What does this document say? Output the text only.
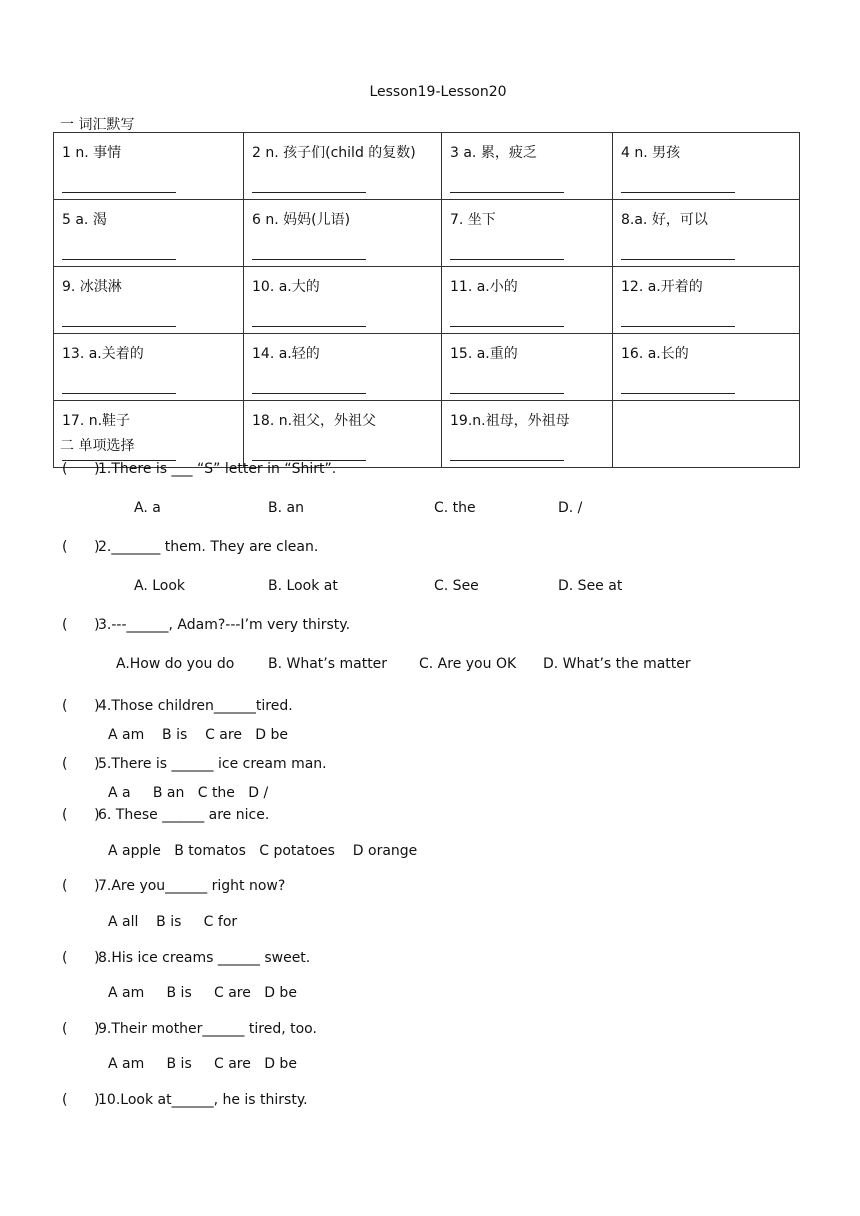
Lesson19-Lesson20
一 词汇默写
1 n. 事情	2 n. 孩子们(child 的复数)	3 a. 累，疲乏	4 n. 男孩

5 a. 渴	6 n. 妈妈(儿语)	7. 坐下	8.a. 好，可以

9. 冰淇淋	10. a.大的	11. a.小的	12. a.开着的

13. a.关着的	14. a.轻的	15. a.重的	16. a.长的

17. n.鞋子	18. n.祖父，外祖父	19.n.祖母，外祖母	

二 单项选择
(      )1.There is ___ “S” letter in “Shirt”.
A. a	B. an	C. the	D. /
(      )2._______ them. They are clean.
A. Look	B. Look at	C. See	D. See at
(      )3.---______, Adam?---I’m very thirsty.
A.How do you do B. What’s matter C. Are you OK D. What’s the matter
(      )4.Those children______tired.
A am    B is    C are   D be
(      )5.There is ______ ice cream man.
A a     B an   C the   D /
(      )6. These ______ are nice.
A apple   B tomatos   C potatoes    D orange
(      )7.Are you______ right now?
A all    B is     C for
(      )8.His ice creams ______ sweet.
A am     B is     C are   D be
(      )9.Their mother______ tired, too.
A am     B is     C are   D be
(      )10.Look at______, he is thirsty.
